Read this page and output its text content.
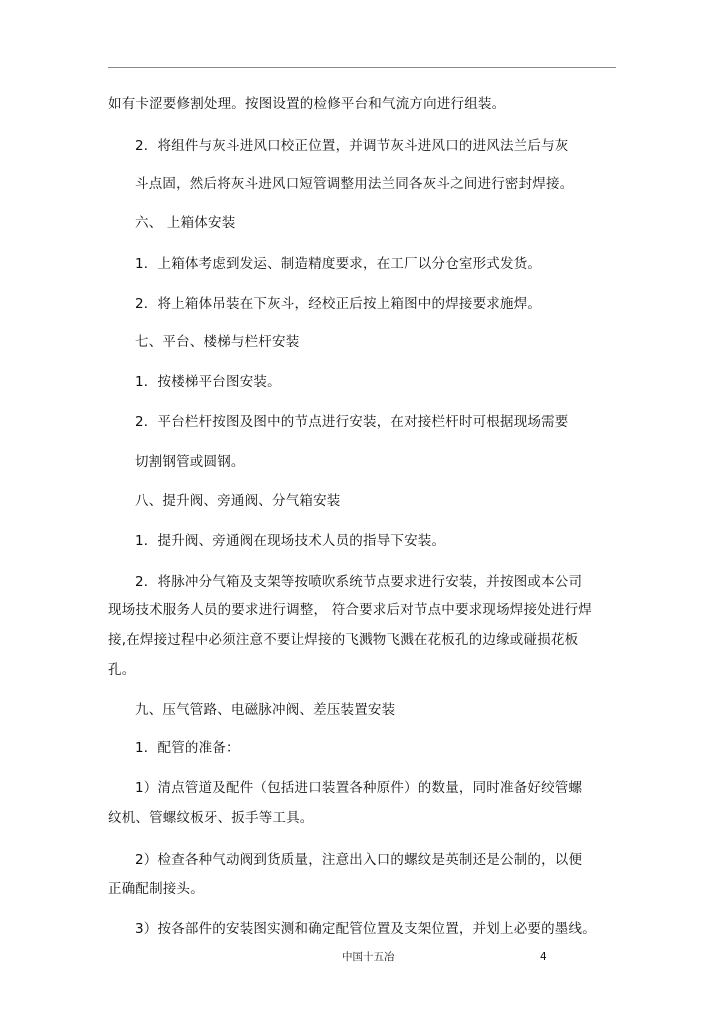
如有卡涩要修割处理。按图设置的检修平台和气流方向进行组装。
2．将组件与灰斗进风口校正位置，并调节灰斗进风口的进风法兰后与灰
斗点固，然后将灰斗进风口短管调整用法兰同各灰斗之间进行密封焊接。
六、 上箱体安装
1．上箱体考虑到发运、制造精度要求，在工厂以分仓室形式发货。
2．将上箱体吊装在下灰斗，经校正后按上箱图中的焊接要求施焊。
七、平台、楼梯与栏杆安装
1．按楼梯平台图安装。
2．平台栏杆按图及图中的节点进行安装，在对接栏杆时可根据现场需要
切割钢管或圆钢。
八、提升阀、旁通阀、分气箱安装
1．提升阀、旁通阀在现场技术人员的指导下安装。
2．将脉冲分气箱及支架等按喷吹系统节点要求进行安装，并按图或本公司
现场技术服务人员的要求进行调整， 符合要求后对节点中要求现场焊接处进行焊
接,在焊接过程中必须注意不要让焊接的飞溅物飞溅在花板孔的边缘或碰损花板
孔。
九、压气管路、电磁脉冲阀、差压装置安装
1．配管的准备：
1）清点管道及配件（包括进口装置各种原件）的数量，同时准备好绞管螺
纹机、管螺纹板牙、扳手等工具。
2）检查各种气动阀到货质量，注意出入口的螺纹是英制还是公制的，以便
正确配制接头。
3）按各部件的安装图实测和确定配管位置及支架位置，并划上必要的墨线。
中国十五冶	4
